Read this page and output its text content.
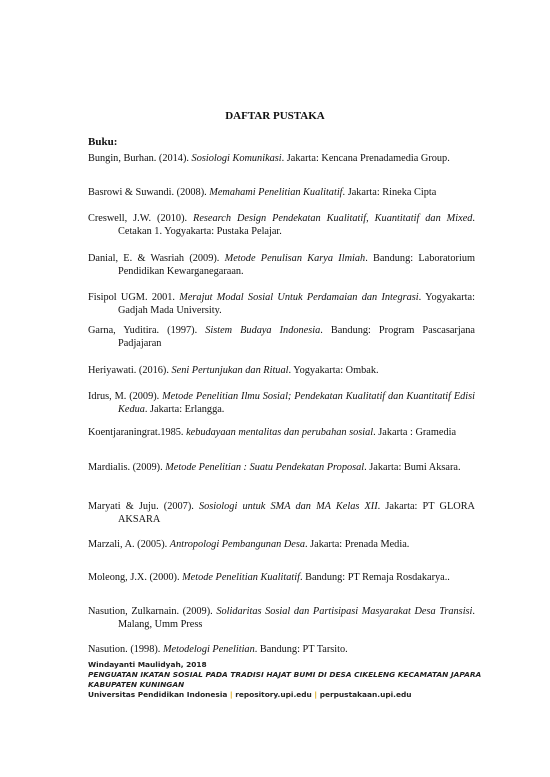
DAFTAR PUSTAKA
Buku:
Bungin, Burhan. (2014). Sosiologi Komunikasi. Jakarta: Kencana Prenadamedia Group.
Basrowi & Suwandi. (2008). Memahami Penelitian Kualitatif. Jakarta: Rineka Cipta
Creswell, J.W. (2010). Research Design Pendekatan Kualitatif, Kuantitatif dan Mixed. Cetakan 1. Yogyakarta: Pustaka Pelajar.
Danial, E. & Wasriah (2009). Metode Penulisan Karya Ilmiah. Bandung: Laboratorium Pendidikan Kewarganegaraan.
Fisipol UGM. 2001. Merajut Modal Sosial Untuk Perdamaian dan Integrasi. Yogyakarta: Gadjah Mada University.
Garna, Yuditira. (1997). Sistem Budaya Indonesia. Bandung: Program Pascasarjana Padjajaran
Heriyawati. (2016). Seni Pertunjukan dan Ritual. Yogyakarta: Ombak.
Idrus, M. (2009). Metode Penelitian Ilmu Sosial; Pendekatan Kualitatif dan Kuantitatif Edisi Kedua. Jakarta: Erlangga.
Koentjaraningrat.1985. kebudayaan mentalitas dan perubahan sosial. Jakarta : Gramedia
Mardialis. (2009). Metode Penelitian : Suatu Pendekatan Proposal. Jakarta: Bumi Aksara.
Maryati & Juju. (2007). Sosiologi untuk SMA dan MA Kelas XII. Jakarta: PT GLORA AKSARA
Marzali, A. (2005). Antropologi Pembangunan Desa. Jakarta: Prenada Media.
Moleong, J.X. (2000). Metode Penelitian Kualitatif. Bandung: PT Remaja Rosdakarya..
Nasution, Zulkarnain. (2009). Solidaritas Sosial dan Partisipasi Masyarakat Desa Transisi. Malang, Umm Press
Nasution. (1998). Metodelogi Penelitian. Bandung: PT Tarsito.
Windayanti Maulidyah, 2018
PENGUATAN IKATAN SOSIAL PADA TRADISI HAJAT BUMI DI DESA CIKELENG KECAMATAN JAPARA KABUPATEN KUNINGAN
Universitas Pendidikan Indonesia | repository.upi.edu | perpustakaan.upi.edu
